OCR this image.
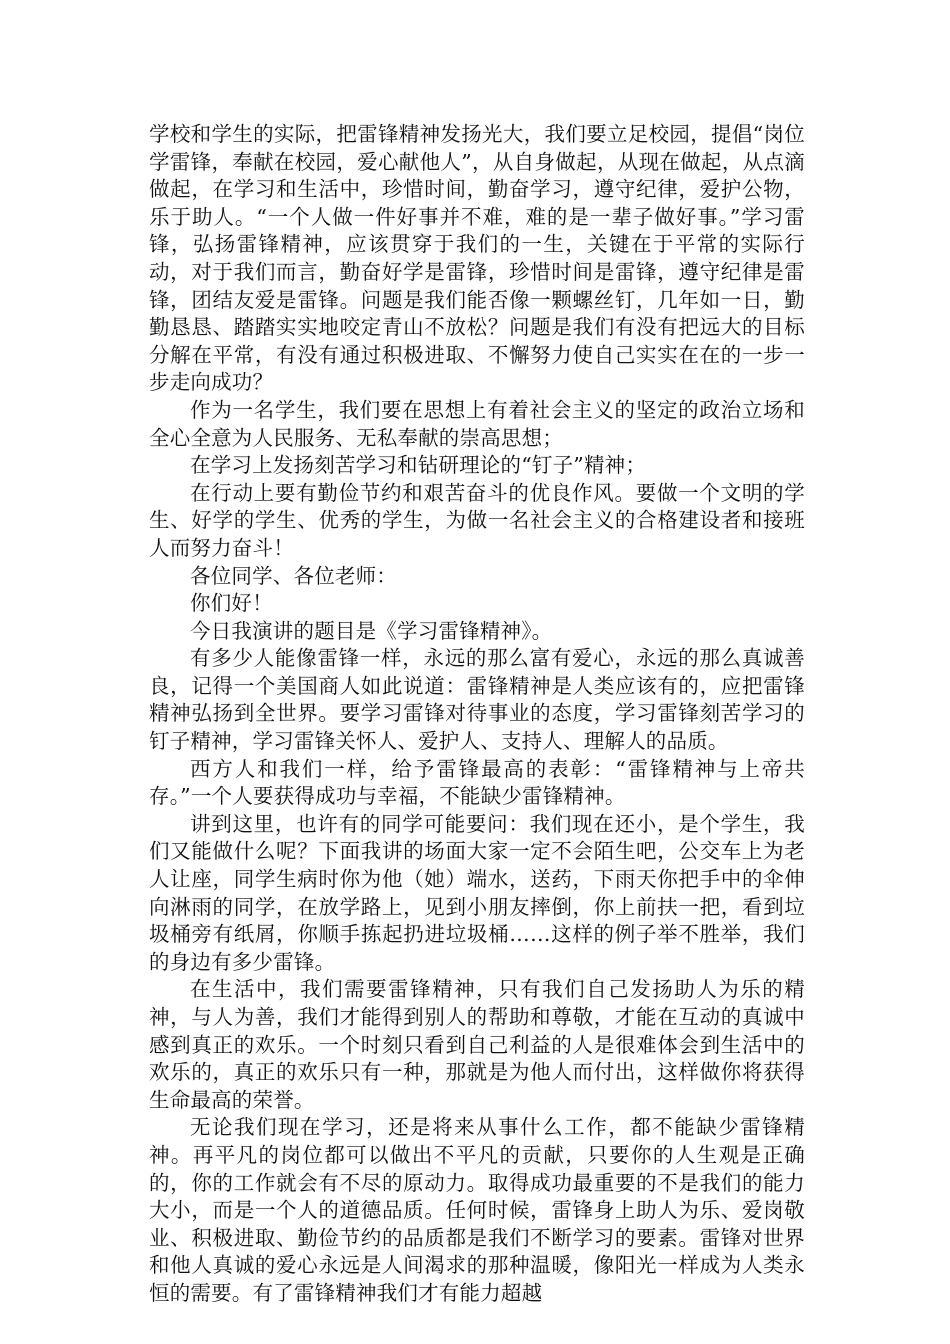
学校和学生的实际，把雷锋精神发扬光大，我们要立足校园，提倡“岗位学雷锋，奉献在校园，爱心献他人”，从自身做起，从现在做起，从点滴做起，在学习和生活中，珍惜时间，勤奋学习，遵守纪律，爱护公物，乐于助人。“一个人做一件好事并不难，难的是一辈子做好事。”学习雷锋，弘扬雷锋精神，应该贯穿于我们的一生，关键在于平常的实际行动，对于我们而言，勤奋好学是雷锋，珍惜时间是雷锋，遵守纪律是雷锋，团结友爱是雷锋。问题是我们能否像一颗螺丝钉，几年如一日，勤勤恳恳、踏踏实实地咬定青山不放松？问题是我们有没有把远大的目标分解在平常，有没有通过积极进取、不懈努力使自己实实在在的一步一步走向成功？

作为一名学生，我们要在思想上有着社会主义的坚定的政治立场和全心全意为人民服务、无私奉献的崇高思想；

在学习上发扬刻苦学习和钻研理论的“钉子”精神；

在行动上要有勤俭节约和艰苦奋斗的优良作风。要做一个文明的学生、好学的学生、优秀的学生，为做一名社会主义的合格建设者和接班人而努力奋斗！

各位同学、各位老师：

你们好！

今日我演讲的题目是《学习雷锋精神》。

有多少人能像雷锋一样，永远的那么富有爱心，永远的那么真诚善良，记得一个美国商人如此说道：雷锋精神是人类应该有的，应把雷锋精神弘扬到全世界。要学习雷锋对待事业的态度，学习雷锋刻苦学习的钉子精神，学习雷锋关怀人、爱护人、支持人、理解人的品质。

西方人和我们一样，给予雷锋最高的表彰：“雷锋精神与上帝共存。”一个人要获得成功与幸福，不能缺少雷锋精神。

讲到这里，也许有的同学可能要问：我们现在还小，是个学生，我们又能做什么呢？下面我讲的场面大家一定不会陌生吧，公交车上为老人让座，同学生病时你为他（她）端水，送药，下雨天你把手中的伞伸向淋雨的同学，在放学路上，见到小朋友摔倒，你上前扶一把，看到垃圾桶旁有纸屑，你顺手拣起扔进垃圾桶……这样的例子举不胜举，我们的身边有多少雷锋。

在生活中，我们需要雷锋精神，只有我们自己发扬助人为乐的精神，与人为善，我们才能得到别人的帮助和尊敬，才能在互动的真诚中感到真正的欢乐。一个时刻只看到自己利益的人是很难体会到生活中的欢乐的，真正的欢乐只有一种，那就是为他人而付出，这样做你将获得生命最高的荣誉。

无论我们现在学习，还是将来从事什么工作，都不能缺少雷锋精神。再平凡的岗位都可以做出不平凡的贡献，只要你的人生观是正确的，你的工作就会有不尽的原动力。取得成功最重要的不是我们的能力大小，而是一个人的道德品质。任何时候，雷锋身上助人为乐、爱岗敬业、积极进取、勤俭节约的品质都是我们不断学习的要素。雷锋对世界和他人真诚的爱心永远是人间渴求的那种温暖，像阳光一样成为人类永恒的需要。有了雷锋精神我们才有能力超越
